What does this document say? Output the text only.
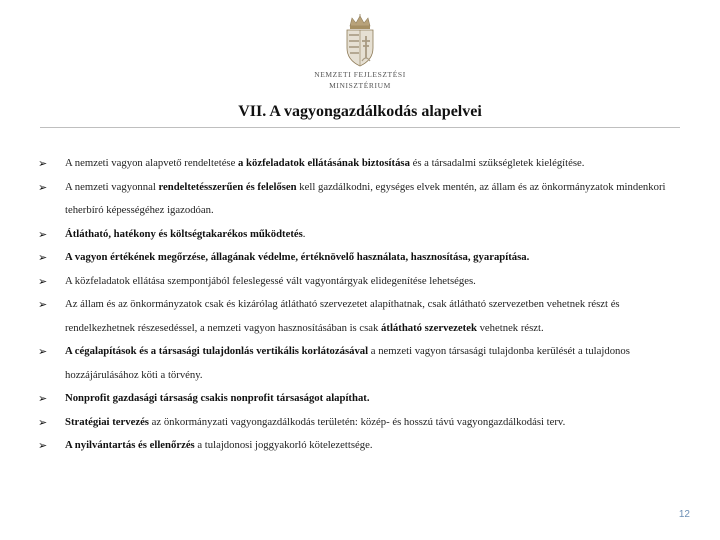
NEMZETI FEJLESZTÉSI
MINISZTÉRIUM
VII. A vagyongazdálkodás alapelvei
➢ A nemzeti vagyon alapvető rendeltetése a közfeladatok ellátásának biztosítása és a társadalmi szükségletek kielégítése.
➢ A nemzeti vagyonnal rendeltetésszerűen és felelősen kell gazdálkodni, egységes elvek mentén, az állam és az önkormányzatok mindenkori teherbíró képességéhez igazodóan.
➢ Átlátható, hatékony és költségtakarékos működtetés.
➢ A vagyon értékének megőrzése, állagának védelme, értéknövelő használata, hasznosítása, gyarapítása.
➢ A közfeladatok ellátása szempontjából feleslegessé vált vagyontárgyak elidegenítése lehetséges.
➢ Az állam és az önkormányzatok csak és kizárólag átlátható szervezetet alapíthatnak, csak átlátható szervezetben vehetnek részt és rendelkezhetnek részesedéssel, a nemzeti vagyon hasznosításában is csak átlátható szervezetek vehetnek részt.
➢ A cégalapítások és a társasági tulajdonlás vertikális korlátozásával a nemzeti vagyon társasági tulajdonba kerülését a tulajdonos hozzájárulásához köti a törvény.
➢ Nonprofit gazdasági társaság csakis nonprofit társaságot alapíthat.
➢ Stratégiai tervezés az önkormányzati vagyongazdálkodás területén: közép- és hosszú távú vagyongazdálkodási terv.
➢ A nyilvántartás és ellenőrzés a tulajdonosi joggyakorló kötelezettsége.
12
